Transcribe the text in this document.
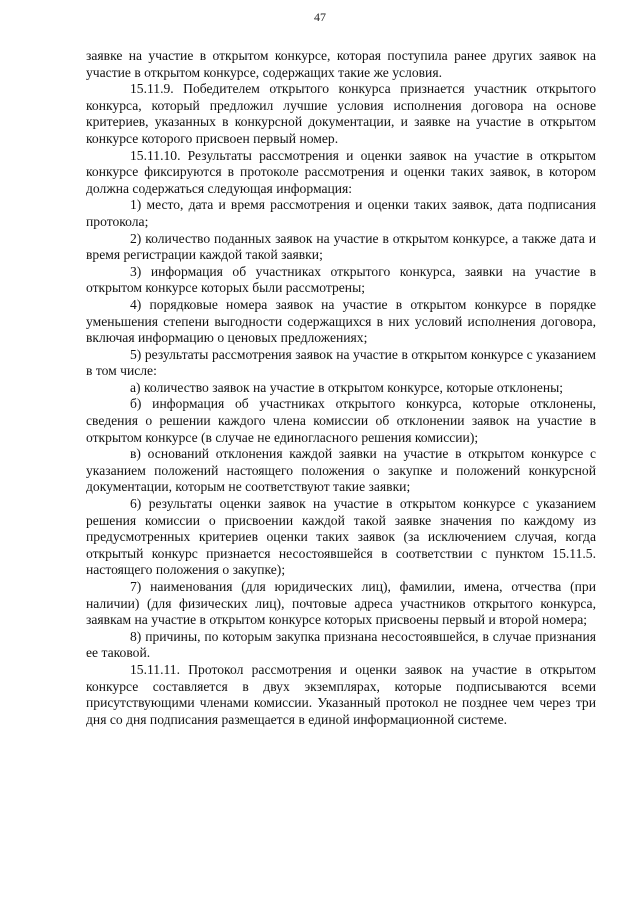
47

заявке на участие в открытом конкурсе, которая поступила ранее других заявок на участие в открытом конкурсе, содержащих такие же условия.

15.11.9. Победителем открытого конкурса признается участник открытого конкурса, который предложил лучшие условия исполнения договора на основе критериев, указанных в конкурсной документации, и заявке на участие в открытом конкурсе которого присвоен первый номер.

15.11.10. Результаты рассмотрения и оценки заявок на участие в открытом конкурсе фиксируются в протоколе рассмотрения и оценки таких заявок, в котором должна содержаться следующая информация:

1) место, дата и время рассмотрения и оценки таких заявок, дата подписания протокола;

2) количество поданных заявок на участие в открытом конкурсе, а также дата и время регистрации каждой такой заявки;

3) информация об участниках открытого конкурса, заявки на участие в открытом конкурсе которых были рассмотрены;

4) порядковые номера заявок на участие в открытом конкурсе в порядке уменьшения степени выгодности содержащихся в них условий исполнения договора, включая информацию о ценовых предложениях;

5) результаты рассмотрения заявок на участие в открытом конкурсе с указанием в том числе:

а) количество заявок на участие в открытом конкурсе, которые отклонены;

б) информация об участниках открытого конкурса, которые отклонены, сведения о решении каждого члена комиссии об отклонении заявок на участие в открытом конкурсе (в случае не единогласного решения комиссии);

в) оснований отклонения каждой заявки на участие в открытом конкурсе с указанием положений настоящего положения о закупке и положений конкурсной документации, которым не соответствуют такие заявки;

6) результаты оценки заявок на участие в открытом конкурсе с указанием решения комиссии о присвоении каждой такой заявке значения по каждому из предусмотренных критериев оценки таких заявок (за исключением случая, когда открытый конкурс признается несостоявшейся в соответствии с пунктом 15.11.5. настоящего положения о закупке);

7) наименования (для юридических лиц), фамилии, имена, отчества (при наличии) (для физических лиц), почтовые адреса участников открытого конкурса, заявкам на участие в открытом конкурсе которых присвоены первый и второй номера;

8) причины, по которым закупка признана несостоявшейся, в случае признания ее таковой.

15.11.11. Протокол рассмотрения и оценки заявок на участие в открытом конкурсе составляется в двух экземплярах, которые подписываются всеми присутствующими членами комиссии. Указанный протокол не позднее чем через три дня со дня подписания размещается в единой информационной системе.
